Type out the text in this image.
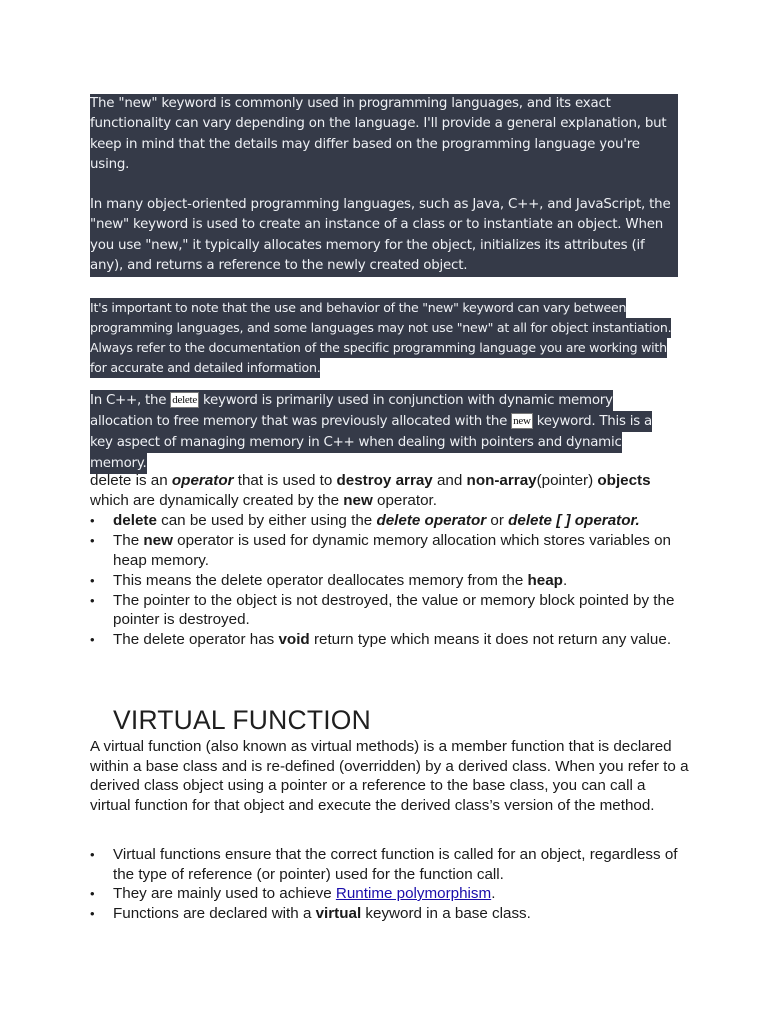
The "new" keyword is commonly used in programming languages, and its exact functionality can vary depending on the language. I'll provide a general explanation, but keep in mind that the details may differ based on the programming language you're using.

In many object-oriented programming languages, such as Java, C++, and JavaScript, the "new" keyword is used to create an instance of a class or to instantiate an object. When you use "new," it typically allocates memory for the object, initializes its attributes (if any), and returns a reference to the newly created object.

It's important to note that the use and behavior of the "new" keyword can vary between
programming languages, and some languages may not use "new" at all for object instantiation.
Always refer to the documentation of the specific programming language you are working with
for accurate and detailed information.
In C++, the delete keyword is primarily used in conjunction with dynamic memory
allocation to free memory that was previously allocated with the new keyword. This is a
key aspect of managing memory in C++ when dealing with pointers and dynamic
memory.

delete is an operator that is used to destroy array and non-array(pointer) objects which are dynamically created by the new operator.

• delete can be used by either using the delete operator or delete [ ] operator.
• The new operator is used for dynamic memory allocation which stores variables on heap memory.
• This means the delete operator deallocates memory from the heap.
• The pointer to the object is not destroyed, the value or memory block pointed by the pointer is destroyed.
• The delete operator has void return type which means it does not return any value.
VIRTUAL FUNCTION

A virtual function (also known as virtual methods) is a member function that is declared within a base class and is re-defined (overridden) by a derived class. When you refer to a derived class object using a pointer or a reference to the base class, you can call a virtual function for that object and execute the derived class’s version of the method.

• Virtual functions ensure that the correct function is called for an object, regardless of the type of reference (or pointer) used for the function call.
• They are mainly used to achieve Runtime polymorphism.
• Functions are declared with a virtual keyword in a base class.
